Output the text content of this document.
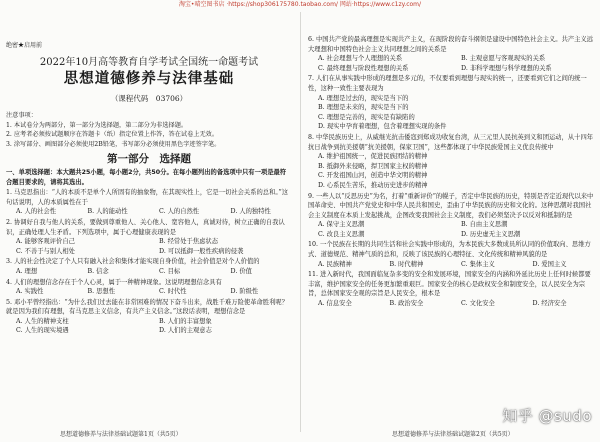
淘宝•晴空图书店 ·https://shop306175780.taobao.com/ 网站·https://www.c1zy.com/
绝密★启用前
2022年10月高等教育自学考试全国统一命题考试
思想道德修养与法律基础
（课程代码　03706）
注意事项：
1. 本试卷分为两部分，第一部分为选择题，第二部分为非选择题。
2. 应考者必须按试题顺序在答题卡（纸）指定位置上作答，答在试卷上无效。
3. 涂写部分、画图部分必须使用2B铅笔，书写部分必须使用黑色字迹签字笔。
第一部分　选择题
一、单项选择题：本大题共25小题，每小题2分，共50分。在每小题列出的备选项中只有一项是最符合题目要求的，请将其选出。
1. 马克思指出：“人的本质不是单个人所固有的抽象物，在其现实性上，它是一切社会关系的总和。”这句话说明，人的本质属性在于
A. 人的社会性	B. 人的能动性	C. 人的自然性	D. 人的独特性
2. 协调好自我与他人的关系，要做到尊重他人、关心他人、宽容他人，真诚对待，树立正确的自我认识，正确处理人生矛盾。下列选项中，属于心理健康表现的是
A. 能够客观评价自己	B. 经常处于焦虑状态
C. 不善于与别人相处	D. 可以抵御一般性疾病的侵袭
3. 人的社会性决定了个人只有融入社会和集体才能实现自身价值，社会价值是对个人价值的
A. 理想	B. 信念	C. 目标	D. 价值
4. 人们的理想信念存在于个人心灵，属于一种精神现象。这说明理想信念具有
A. 实践性	B. 思想性	C. 时代性	D. 阶级性
5. 邓小平曾经指出：“为什么我们过去能在非常困难的情况下奋斗出来，战胜千难万险使革命胜利呢？就是因为我们有理想，有马克思主义信念，有共产主义信念。”这段话表明，理想信念是
A. 人生的精神支柱	B. 人们的丰富想象
C. 人生的现实境遇	D. 人们的主观意志
6. 中国共产党的最高理想是实现共产主义，在现阶段的奋斗纲领是建设中国特色社会主义。共产主义远大理想和中国特色社会主义共同理想之间的关系是
A. 社会理想与个人理想的关系	B. 主观意愿与客观现实的关系
C. 最终理想与阶段性理想的关系	D. 非科学理想与科学理想的关系
7. 人们在从事实践中形成的理想是多元的，不仅要看到理想与现实的统一，还要看到它们之间的统一性，这种一致性主要表现为
A. 理想是过去的，现实是当下的
B. 理想是未来的，现实是当下的
C. 理想是完善的，现实是有缺陷的
D. 现实中孕育着理想，包含着理想实现的条件
8. 中华民族历史上，从威继光抗击倭寇到郑成功收复台湾，从三元里人民抗英到义和团运动，从十四年抗日战争到抗美援朝“抗美援朝，保家卫国”，这些都体现了中华民族爱国主义优良传统中
A. 维护祖国统一，促进民族团结的精神
B. 抵御外来侵略，捍卫国家主权的精神
C. 开发祖国山河，创造中华文明的精神
D. 心系民生苦乐，推动历史进步的精神
9. 一些人以“反思历史”为名，打着“重新评价”的幌子，否定中华民族的历史，特别是否定近现代以来中国革命史、中国共产党党史和中华人民共和国史，歪曲了中华民族的历史和文化的。这种思潮对我国社会主义制度在本质上发起挑战，企图改变我国社会主义制度，我们必须坚决予以反对和抵制的是
A. 保守主义思潮	B. 自由主义思潮
C. 改良主义思潮	D. 历史虚无主义思潮
10. 一个民族在长期的共同生活和社会实践中形成的，为本民族大多数成员所认同的价值取向、思维方式、道德规范、精神气质的总和，反映了该民族的心理特征、文化传统和精神风貌的是
A. 民族精神	B. 时代精神	C. 集体主义	D. 爱国主义
11. 进入新时代，我国面临复杂多变的安全和发展环境，国家安全的内涵和外延比历史上任何时候都要丰富，维护国家安全的任务更加繁重艰巨。国家安全的核心是政权安全和制度安全，以人民安全为宗旨，总体国家安全观的宗旨是人民安全，根本是
A. 信息安全	B. 政治安全	C. 文化安全	D. 经济安全
思想道德修养与法律基础试题第1页（共5页）	思想道德修养与法律基础试题第2页（共5页）
知乎 @sudo
